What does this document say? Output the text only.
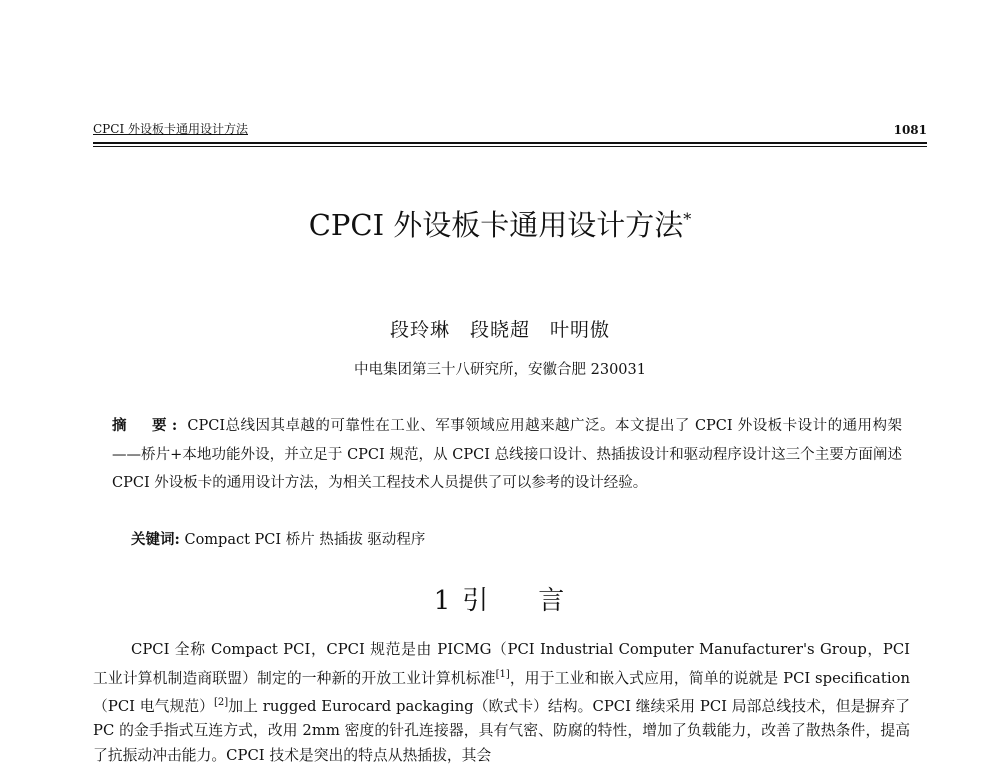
CPCI 外设板卡通用设计方法	1081
CPCI 外设板卡通用设计方法*
段玲琳　段晓超　叶明傲
中电集团第三十八研究所，安徽合肥 230031
摘　要: CPCI总线因其卓越的可靠性在工业、军事领域应用越来越广泛。本文提出了 CPCI 外设板卡设计的通用构架——桥片+本地功能外设，并立足于 CPCI 规范，从 CPCI 总线接口设计、热插拔设计和驱动程序设计这三个主要方面阐述 CPCI 外设板卡的通用设计方法，为相关工程技术人员提供了可以参考的设计经验。
关键词: Compact PCI 桥片 热插拔 驱动程序
1 引 言
CPCI 全称 Compact PCI，CPCI 规范是由 PICMG（PCI Industrial Computer Manufacturer's Group，PCI 工业计算机制造商联盟）制定的一种新的开放工业计算机标准[1]，用于工业和嵌入式应用，简单的说就是 PCI specification（PCI 电气规范）[2]加上 rugged Eurocard packaging（欧式卡）结构。CPCI 继续采用 PCI 局部总线技术，但是摒弃了 PC 的金手指式互连方式，改用 2mm 密度的针孔连接器，具有气密、防腐的特性，增加了负载能力，改善了散热条件，提高了抗振动冲击能力。CPCI 技术是突出的特点从热插拔，其会
